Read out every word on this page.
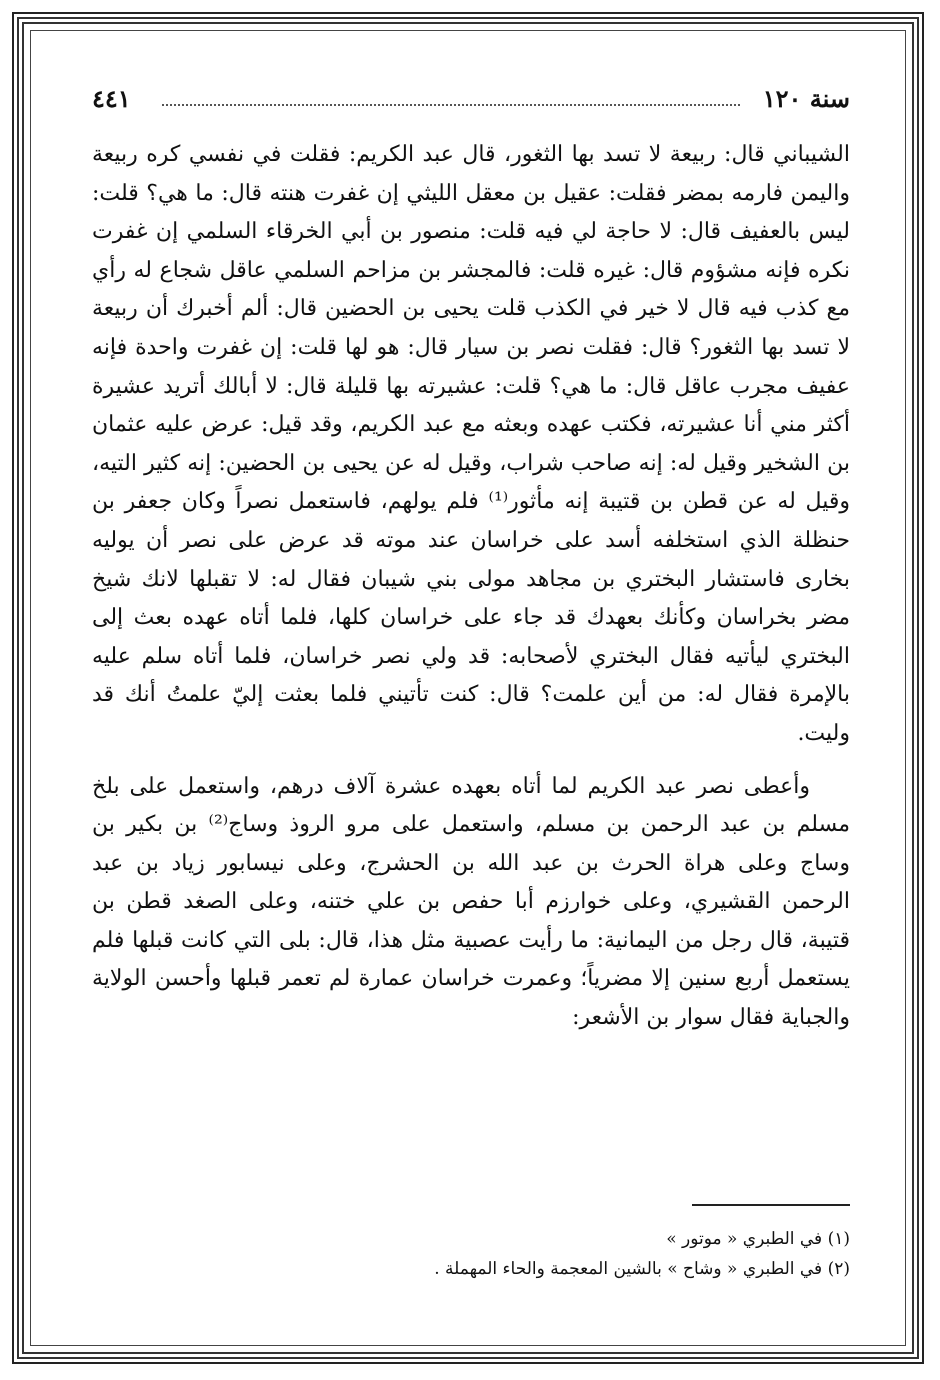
سنة ١٢٠
٤٤١

الشيباني قال: ربيعة لا تسد بها الثغور، قال عبد الكريم: فقلت في نفسي كره ربيعة واليمن فارمه بمضر فقلت: عقيل بن معقل الليثي إن غفرت هنته قال: ما هي؟ قلت: ليس بالعفيف قال: لا حاجة لي فيه قلت: منصور بن أبي الخرقاء السلمي إن غفرت نكره فإنه مشؤوم قال: غيره قلت: فالمجشر بن مزاحم السلمي عاقل شجاع له رأي مع كذب فيه قال لا خير في الكذب قلت يحيى بن الحضين قال: ألم أخبرك أن ربيعة لا تسد بها الثغور؟ قال: فقلت نصر بن سيار قال: هو لها قلت: إن غفرت واحدة فإنه عفيف مجرب عاقل قال: ما هي؟ قلت: عشيرته بها قليلة قال: لا أبالك أتريد عشيرة أكثر مني أنا عشيرته، فكتب عهده وبعثه مع عبد الكريم، وقد قيل: عرض عليه عثمان بن الشخير وقيل له: إنه صاحب شراب، وقيل له عن يحيى بن الحضين: إنه كثير التيه، وقيل له عن قطن بن قتيبة إنه مأثور⁽¹⁾ فلم يولهم، فاستعمل نصراً وكان جعفر بن حنظلة الذي استخلفه أسد على خراسان عند موته قد عرض على نصر أن يوليه بخارى فاستشار البختري بن مجاهد مولى بني شيبان فقال له: لا تقبلها لانك شيخ مضر بخراسان وكأنك بعهدك قد جاء على خراسان كلها، فلما أتاه عهده بعث إلى البختري ليأتيه فقال البختري لأصحابه: قد ولي نصر خراسان، فلما أتاه سلم عليه بالإمرة فقال له: من أين علمت؟ قال: كنت تأتيني فلما بعثت إليّ علمتُ أنك قد وليت.

وأعطى نصر عبد الكريم لما أتاه بعهده عشرة آلاف درهم، واستعمل على بلخ مسلم بن عبد الرحمن بن مسلم، واستعمل على مرو الروذ وساج⁽²⁾ بن بكير بن وساج وعلى هراة الحرث بن عبد الله بن الحشرج، وعلى نيسابور زياد بن عبد الرحمن القشيري، وعلى خوارزم أبا حفص بن علي ختنه، وعلى الصغد قطن بن قتيبة، قال رجل من اليمانية: ما رأيت عصبية مثل هذا، قال: بلى التي كانت قبلها فلم يستعمل أربع سنين إلا مضرياً؛ وعمرت خراسان عمارة لم تعمر قبلها وأحسن الولاية والجباية فقال سوار بن الأشعر:

(١) في الطبري « موتور »

(٢) في الطبري « وشاح » بالشين المعجمة والحاء المهملة .
